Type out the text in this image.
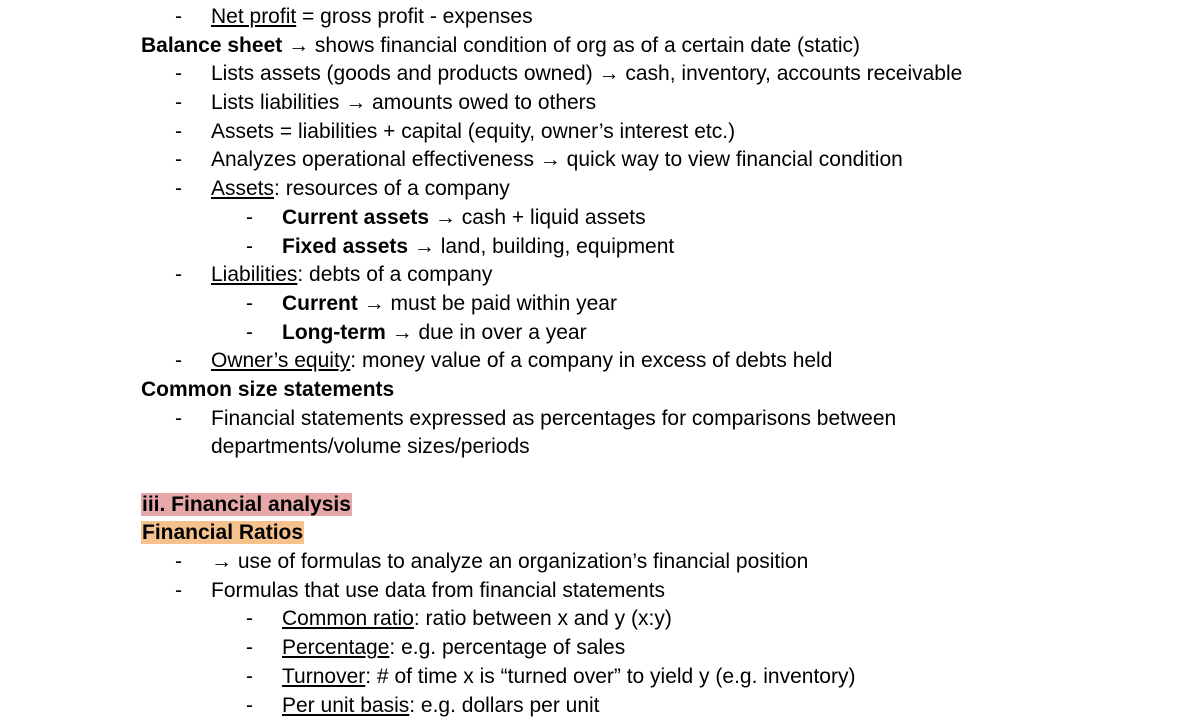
- Net profit = gross profit - expenses
Balance sheet → shows financial condition of org as of a certain date (static)
- Lists assets (goods and products owned) → cash, inventory, accounts receivable
- Lists liabilities → amounts owed to others
- Assets = liabilities + capital (equity, owner’s interest etc.)
- Analyzes operational effectiveness → quick way to view financial condition
- Assets: resources of a company
- Current assets → cash + liquid assets
- Fixed assets → land, building, equipment
- Liabilities: debts of a company
- Current → must be paid within year
- Long-term → due in over a year
- Owner’s equity: money value of a company in excess of debts held
Common size statements
- Financial statements expressed as percentages for comparisons between
departments/volume sizes/periods
iii. Financial analysis
Financial Ratios
- → use of formulas to analyze an organization’s financial position
- Formulas that use data from financial statements
- Common ratio: ratio between x and y (x:y)
- Percentage: e.g. percentage of sales
- Turnover: # of time x is “turned over” to yield y (e.g. inventory)
- Per unit basis: e.g. dollars per unit
